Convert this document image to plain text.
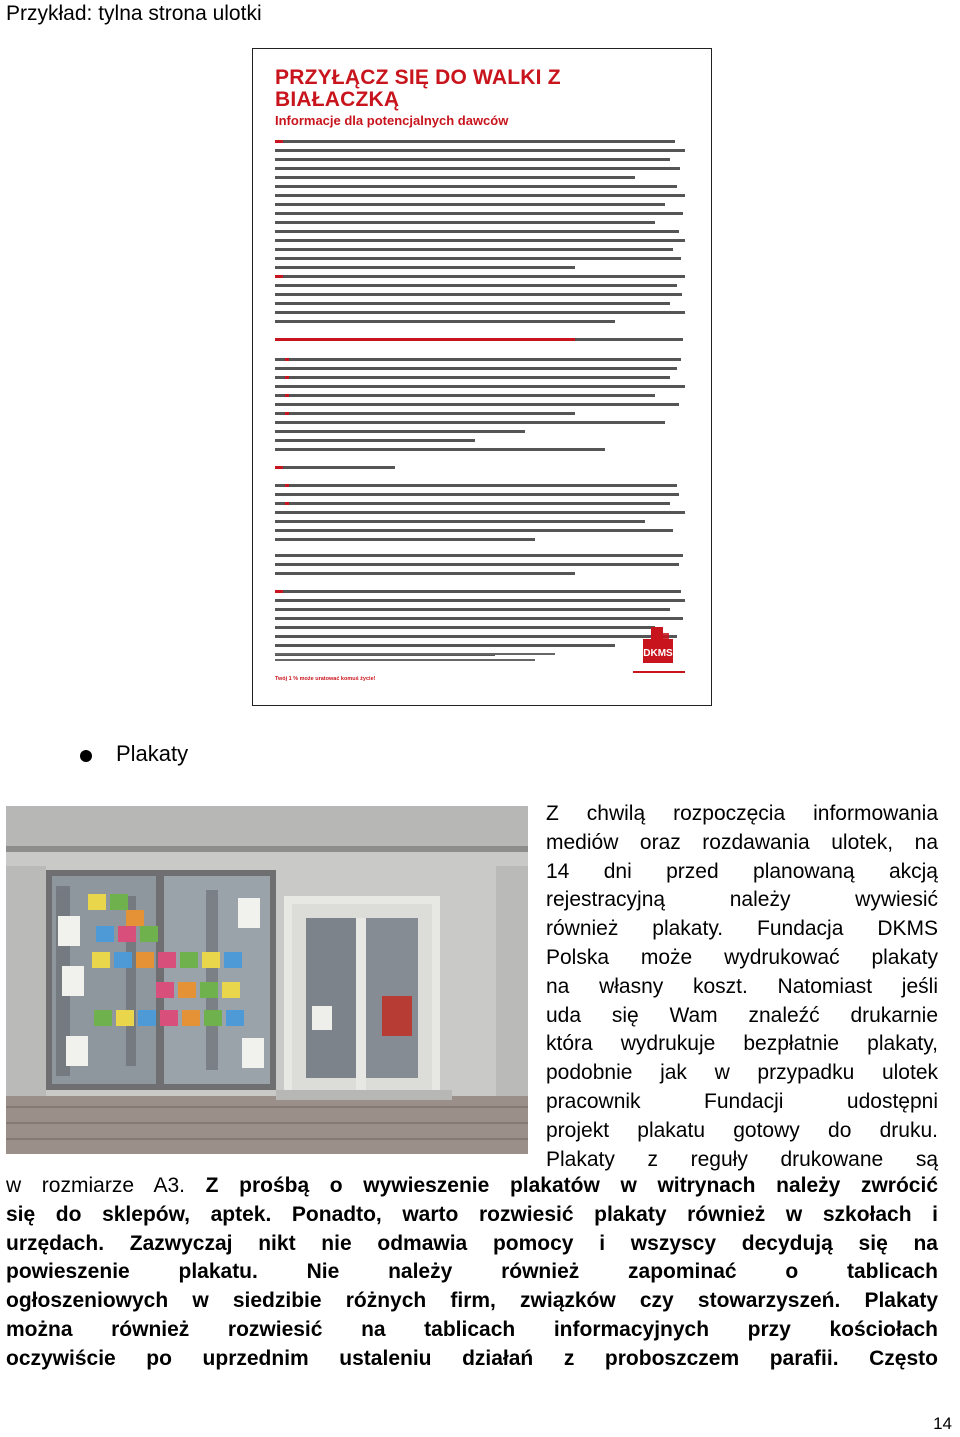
Przykład: tylna strona ulotki
PRZYŁĄCZ SIĘ DO WALKI Z BIAŁACZKĄ
Informacje dla potencjalnych dawców
Twój 1 % może uratować komuś życie!
DKMS
Plakaty
Z chwilą rozpoczęcia informowania
mediów oraz rozdawania ulotek, na
14 dni przed planowaną akcją
rejestracyjną należy wywiesić
również plakaty. Fundacja DKMS
Polska może wydrukować plakaty
na własny koszt. Natomiast jeśli
uda się Wam znaleźć drukarnie
która wydrukuje bezpłatnie plakaty,
podobnie jak w przypadku ulotek
pracownik Fundacji udostępni
projekt plakatu gotowy do druku.
Plakaty z reguły drukowane są
w rozmiarze A3. Z prośbą o wywieszenie plakatów w witrynach należy zwrócić
się do sklepów, aptek. Ponadto, warto rozwiesić plakaty również w szkołach i
urzędach. Zazwyczaj nikt nie odmawia pomocy i wszyscy decydują się na
powieszenie plakatu. Nie należy również zapominać o tablicach
ogłoszeniowych w siedzibie różnych firm, związków czy stowarzyszeń. Plakaty
można również rozwiesić na tablicach informacyjnych przy kościołach
oczywiście po uprzednim ustaleniu działań z proboszczem parafii. Często
14
